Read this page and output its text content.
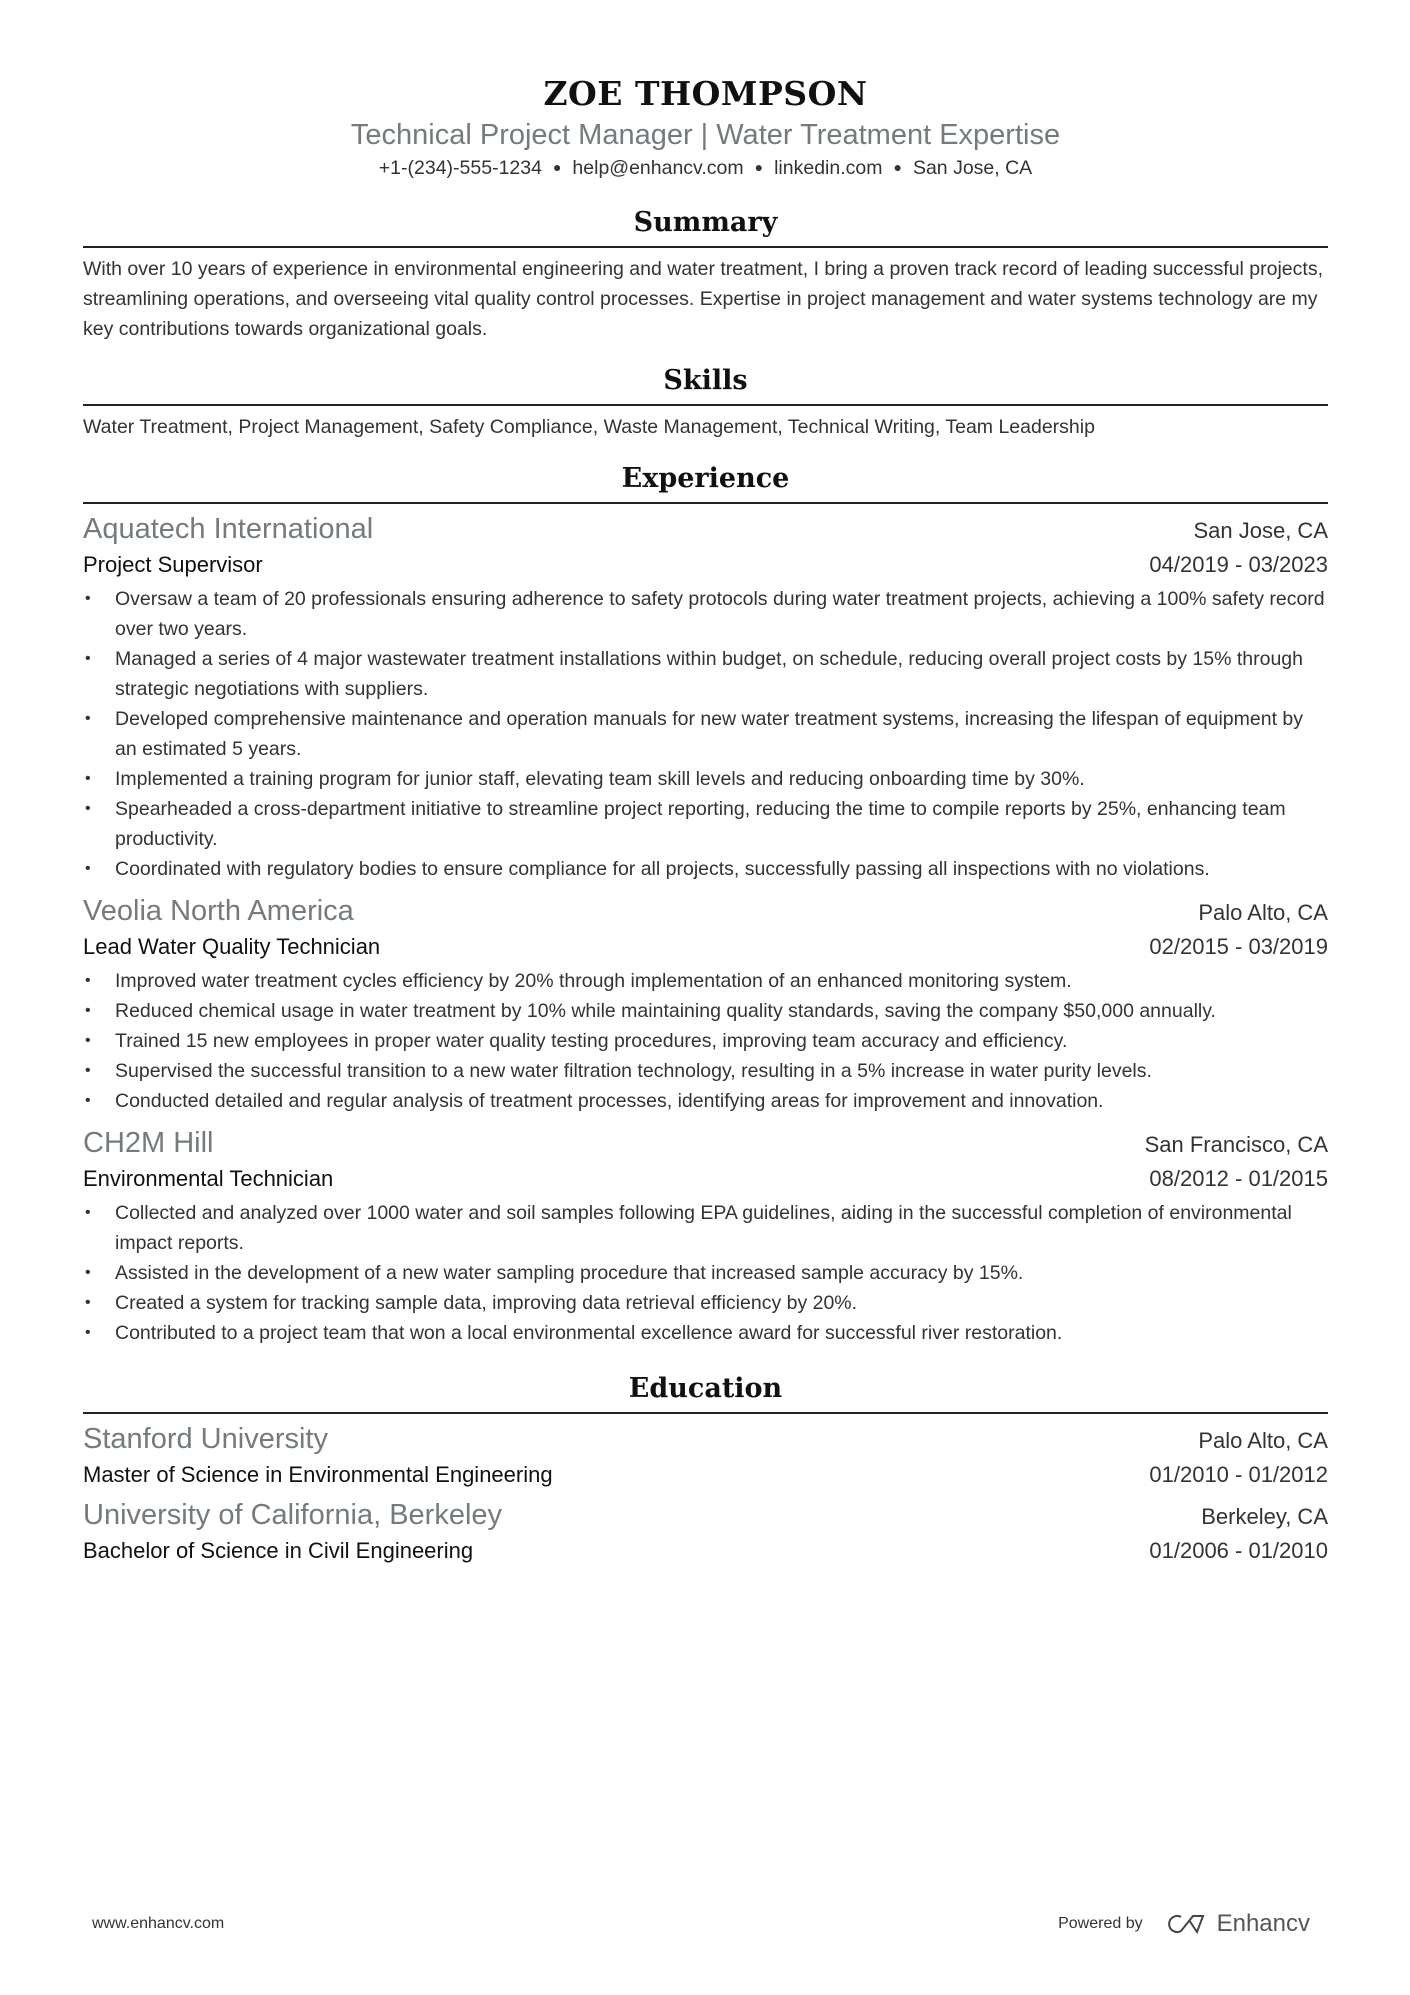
ZOE THOMPSON
Technical Project Manager | Water Treatment Expertise
+1-(234)-555-1234 ● help@enhancv.com ● linkedin.com ● San Jose, CA
Summary
With over 10 years of experience in environmental engineering and water treatment, I bring a proven track record of leading successful projects, streamlining operations, and overseeing vital quality control processes. Expertise in project management and water systems technology are my key contributions towards organizational goals.
Skills
Water Treatment, Project Management, Safety Compliance, Waste Management, Technical Writing, Team Leadership
Experience
Aquatech International	San Jose, CA
Project Supervisor	04/2019 - 03/2023
• Oversaw a team of 20 professionals ensuring adherence to safety protocols during water treatment projects, achieving a 100% safety record over two years.
• Managed a series of 4 major wastewater treatment installations within budget, on schedule, reducing overall project costs by 15% through strategic negotiations with suppliers.
• Developed comprehensive maintenance and operation manuals for new water treatment systems, increasing the lifespan of equipment by an estimated 5 years.
• Implemented a training program for junior staff, elevating team skill levels and reducing onboarding time by 30%.
• Spearheaded a cross-department initiative to streamline project reporting, reducing the time to compile reports by 25%, enhancing team productivity.
• Coordinated with regulatory bodies to ensure compliance for all projects, successfully passing all inspections with no violations.
Veolia North America	Palo Alto, CA
Lead Water Quality Technician	02/2015 - 03/2019
• Improved water treatment cycles efficiency by 20% through implementation of an enhanced monitoring system.
• Reduced chemical usage in water treatment by 10% while maintaining quality standards, saving the company $50,000 annually.
• Trained 15 new employees in proper water quality testing procedures, improving team accuracy and efficiency.
• Supervised the successful transition to a new water filtration technology, resulting in a 5% increase in water purity levels.
• Conducted detailed and regular analysis of treatment processes, identifying areas for improvement and innovation.
CH2M Hill	San Francisco, CA
Environmental Technician	08/2012 - 01/2015
• Collected and analyzed over 1000 water and soil samples following EPA guidelines, aiding in the successful completion of environmental impact reports.
• Assisted in the development of a new water sampling procedure that increased sample accuracy by 15%.
• Created a system for tracking sample data, improving data retrieval efficiency by 20%.
• Contributed to a project team that won a local environmental excellence award for successful river restoration.
Education
Stanford University	Palo Alto, CA
Master of Science in Environmental Engineering	01/2010 - 01/2012
University of California, Berkeley	Berkeley, CA
Bachelor of Science in Civil Engineering	01/2006 - 01/2010
www.enhancv.com	Powered by	Enhancv
